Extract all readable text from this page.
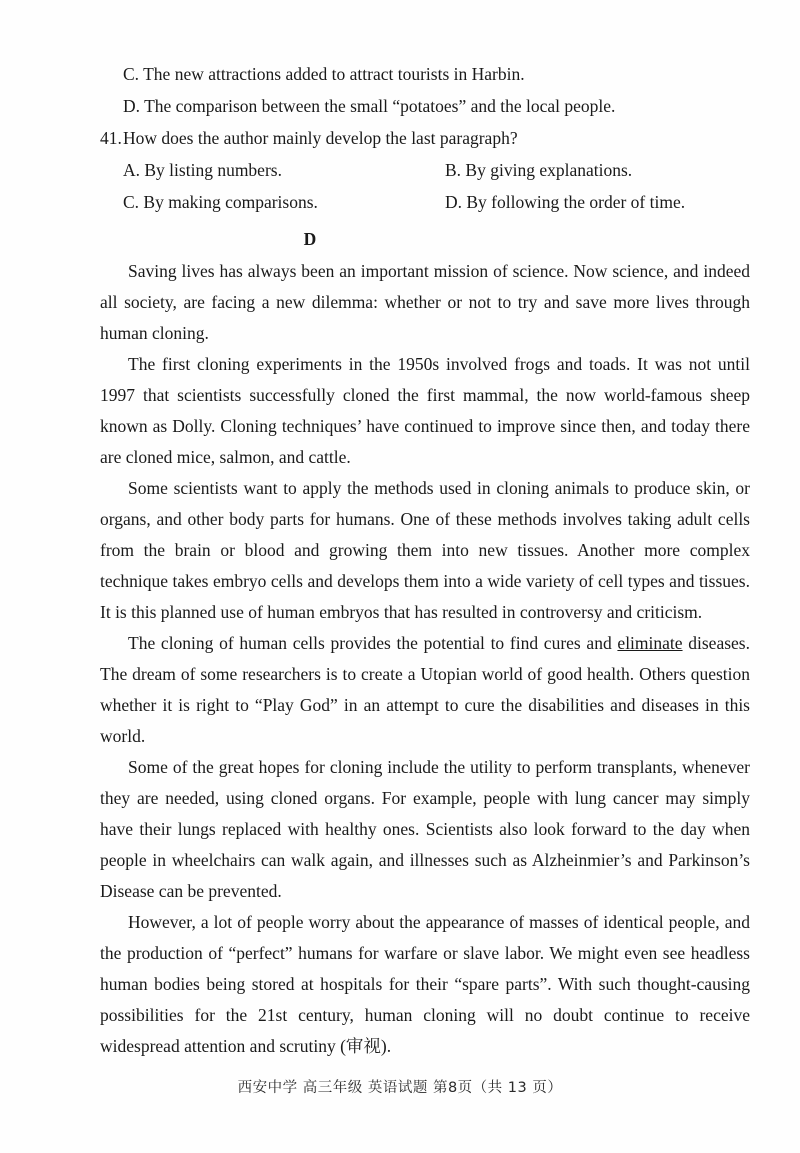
C. The new attractions added to attract tourists in Harbin.
D. The comparison between the small “potatoes” and the local people.
41.How does the author mainly develop the last paragraph?
A. By listing numbers.	B. By giving explanations.
C. By making comparisons.	D. By following the order of time.
D

Saving lives has always been an important mission of science. Now science, and indeed all society, are facing a new dilemma: whether or not to try and save more lives through human cloning.

The first cloning experiments in the 1950s involved frogs and toads. It was not until 1997 that scientists successfully cloned the first mammal, the now world-famous sheep known as Dolly. Cloning techniques’ have continued to improve since then, and today there are cloned mice, salmon, and cattle.

Some scientists want to apply the methods used in cloning animals to produce skin, or organs, and other body parts for humans. One of these methods involves taking adult cells from the brain or blood and growing them into new tissues. Another more complex technique takes embryo cells and develops them into a wide variety of cell types and tissues. It is this planned use of human embryos that has resulted in controversy and criticism.

The cloning of human cells provides the potential to find cures and eliminate diseases. The dream of some researchers is to create a Utopian world of good health. Others question whether it is right to “Play God” in an attempt to cure the disabilities and diseases in this world.

Some of the great hopes for cloning include the utility to perform transplants, whenever they are needed, using cloned organs. For example, people with lung cancer may simply have their lungs replaced with healthy ones. Scientists also look forward to the day when people in wheelchairs can walk again, and illnesses such as Alzheinmier’s and Parkinson’s Disease can be prevented.

However, a lot of people worry about the appearance of masses of identical people, and the production of “perfect” humans for warfare or slave labor. We might even see headless human bodies being stored at hospitals for their “spare parts”. With such thought-causing possibilities for the 21st century, human cloning will no doubt continue to receive widespread attention and scrutiny (审视).

西安中学 高三年级 英语试题 第8页（共 13 页）
